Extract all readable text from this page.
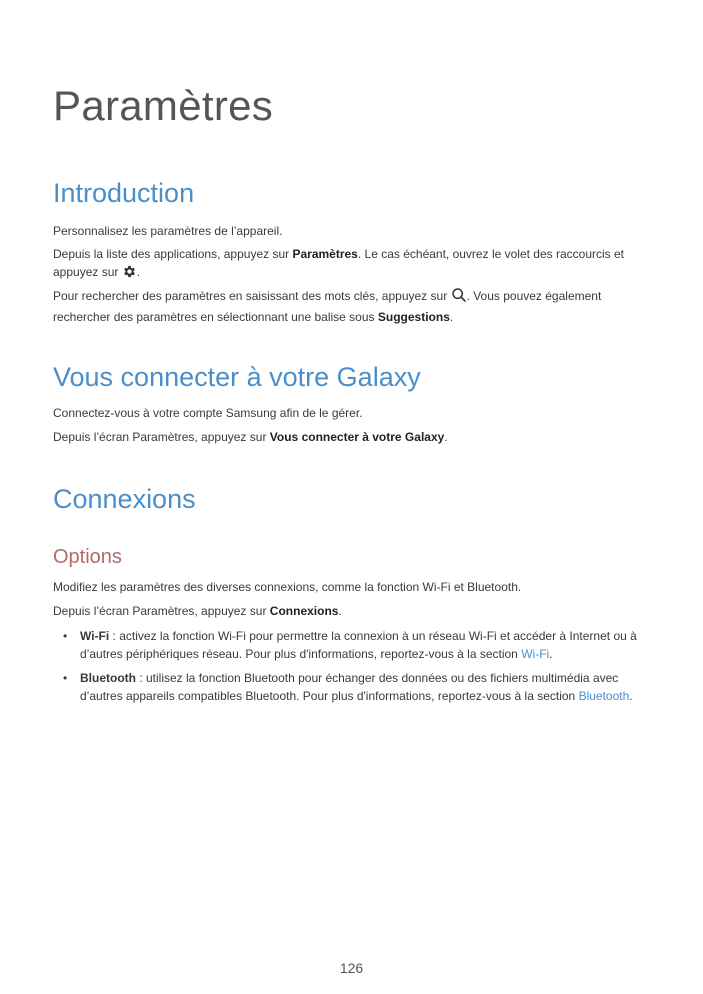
Paramètres
Introduction

Personnalisez les paramètres de l’appareil.

Depuis la liste des applications, appuyez sur Paramètres. Le cas échéant, ouvrez le volet des raccourcis et appuyez sur .

Pour rechercher des paramètres en saisissant des mots clés, appuyez sur . Vous pouvez également rechercher des paramètres en sélectionnant une balise sous Suggestions.

Vous connecter à votre Galaxy

Connectez-vous à votre compte Samsung afin de le gérer.

Depuis l’écran Paramètres, appuyez sur Vous connecter à votre Galaxy.

Connexions
Options

Modifiez les paramètres des diverses connexions, comme la fonction Wi-Fi et Bluetooth.

Depuis l’écran Paramètres, appuyez sur Connexions.

• Wi-Fi : activez la fonction Wi-Fi pour permettre la connexion à un réseau Wi-Fi et accéder à Internet ou à d’autres périphériques réseau. Pour plus d'informations, reportez-vous à la section Wi-Fi.
• Bluetooth : utilisez la fonction Bluetooth pour échanger des données ou des fichiers multimédia avec d’autres appareils compatibles Bluetooth. Pour plus d'informations, reportez-vous à la section Bluetooth.
126
